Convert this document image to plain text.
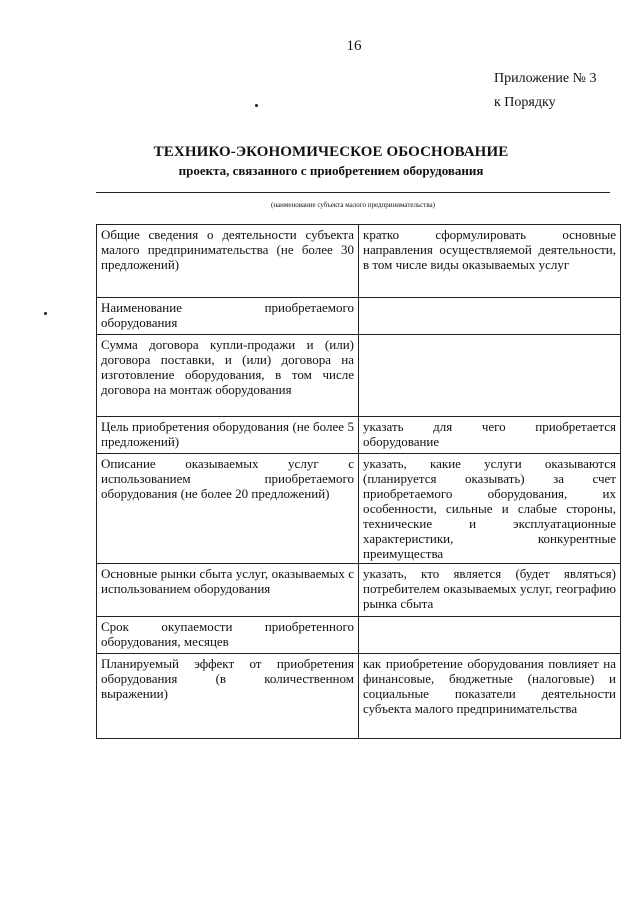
16
Приложение № 3
к Порядку
ТЕХНИКО-ЭКОНОМИЧЕСКОЕ ОБОСНОВАНИЕ
проекта, связанного с приобретением оборудования
(наименование субъекта малого предпринимательства)
Общие сведения о деятельности субъекта малого предпринимательства (не более 30 предложений)	кратко сформулировать основные направления осуществляемой деятельности, в том числе виды оказываемых услуг
Наименование приобретаемого оборудования	
Сумма договора купли-продажи и (или) договора поставки, и (или) договора на изготовление оборудования, в том числе договора на монтаж оборудования	
Цель приобретения оборудования (не более 5 предложений)	указать для чего приобретается оборудование
Описание оказываемых услуг с использованием приобретаемого оборудования (не более 20 предложений)	указать, какие услуги оказываются (планируется оказывать) за счет приобретаемого оборудования, их особенности, сильные и слабые стороны, технические и эксплуатационные характеристики, конкурентные преимущества
Основные рынки сбыта услуг, оказываемых с использованием оборудования	указать, кто является (будет являться) потребителем оказываемых услуг, географию рынка сбыта
Срок окупаемости приобретенного оборудования, месяцев	
Планируемый эффект от приобретения оборудования (в количественном выражении)	как приобретение оборудования повлияет на финансовые, бюджетные (налоговые) и социальные показатели деятельности субъекта малого предпринимательства
